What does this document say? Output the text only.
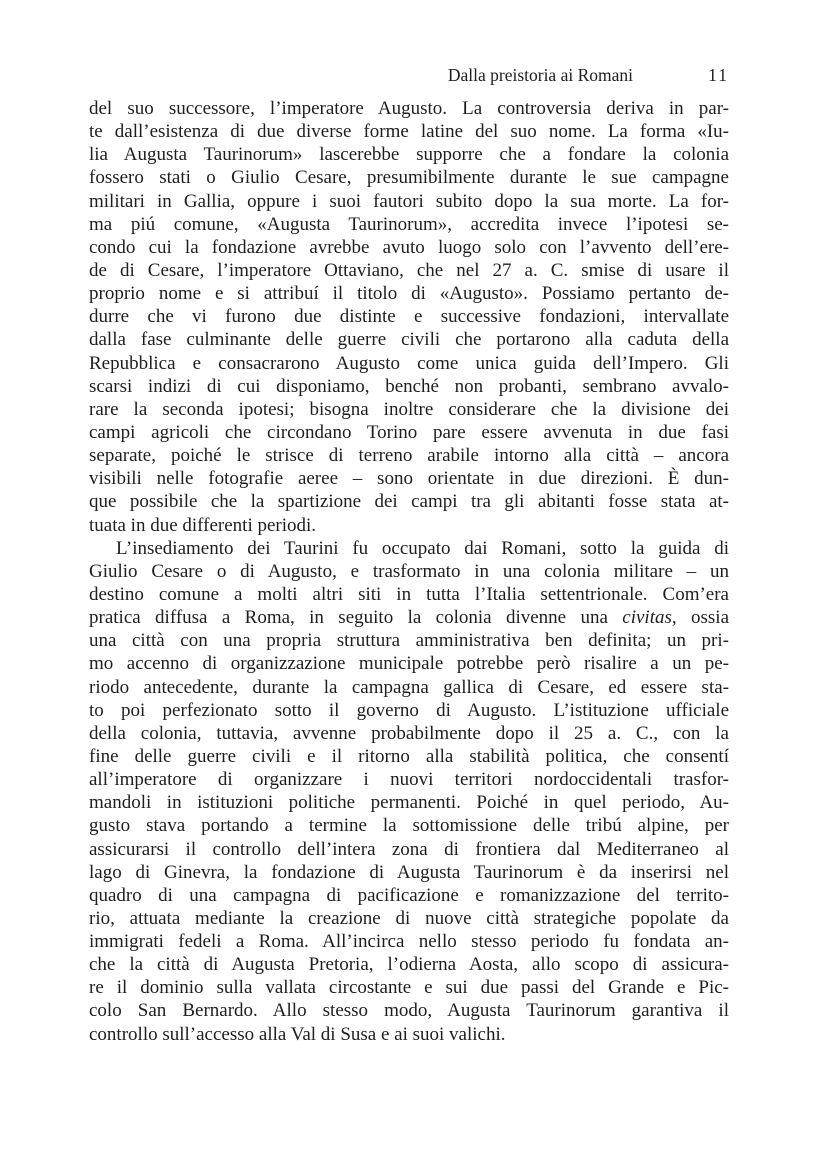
Dalla preistoria ai Romani	11
del suo successore, l’imperatore Augusto. La controversia deriva in par-
te dall’esistenza di due diverse forme latine del suo nome. La forma «Iu-
lia Augusta Taurinorum» lascerebbe supporre che a fondare la colonia
fossero stati o Giulio Cesare, presumibilmente durante le sue campagne
militari in Gallia, oppure i suoi fautori subito dopo la sua morte. La for-
ma piú comune, «Augusta Taurinorum», accredita invece l’ipotesi se-
condo cui la fondazione avrebbe avuto luogo solo con l’avvento dell’ere-
de di Cesare, l’imperatore Ottaviano, che nel 27 a. C. smise di usare il
proprio nome e si attribuí il titolo di «Augusto». Possiamo pertanto de-
durre che vi furono due distinte e successive fondazioni, intervallate
dalla fase culminante delle guerre civili che portarono alla caduta della
Repubblica e consacrarono Augusto come unica guida dell’Impero. Gli
scarsi indizi di cui disponiamo, benché non probanti, sembrano avvalo-
rare la seconda ipotesi; bisogna inoltre considerare che la divisione dei
campi agricoli che circondano Torino pare essere avvenuta in due fasi
separate, poiché le strisce di terreno arabile intorno alla città – ancora
visibili nelle fotografie aeree – sono orientate in due direzioni. È dun-
que possibile che la spartizione dei campi tra gli abitanti fosse stata at-
tuata in due differenti periodi.
L’insediamento dei Taurini fu occupato dai Romani, sotto la guida di
Giulio Cesare o di Augusto, e trasformato in una colonia militare – un
destino comune a molti altri siti in tutta l’Italia settentrionale. Com’era
pratica diffusa a Roma, in seguito la colonia divenne una civitas, ossia
una città con una propria struttura amministrativa ben definita; un pri-
mo accenno di organizzazione municipale potrebbe però risalire a un pe-
riodo antecedente, durante la campagna gallica di Cesare, ed essere sta-
to poi perfezionato sotto il governo di Augusto. L’istituzione ufficiale
della colonia, tuttavia, avvenne probabilmente dopo il 25 a. C., con la
fine delle guerre civili e il ritorno alla stabilità politica, che consentí
all’imperatore di organizzare i nuovi territori nordoccidentali trasfor-
mandoli in istituzioni politiche permanenti. Poiché in quel periodo, Au-
gusto stava portando a termine la sottomissione delle tribú alpine, per
assicurarsi il controllo dell’intera zona di frontiera dal Mediterraneo al
lago di Ginevra, la fondazione di Augusta Taurinorum è da inserirsi nel
quadro di una campagna di pacificazione e romanizzazione del territo-
rio, attuata mediante la creazione di nuove città strategiche popolate da
immigrati fedeli a Roma. All’incirca nello stesso periodo fu fondata an-
che la città di Augusta Pretoria, l’odierna Aosta, allo scopo di assicura-
re il dominio sulla vallata circostante e sui due passi del Grande e Pic-
colo San Bernardo. Allo stesso modo, Augusta Taurinorum garantiva il
controllo sull’accesso alla Val di Susa e ai suoi valichi.
